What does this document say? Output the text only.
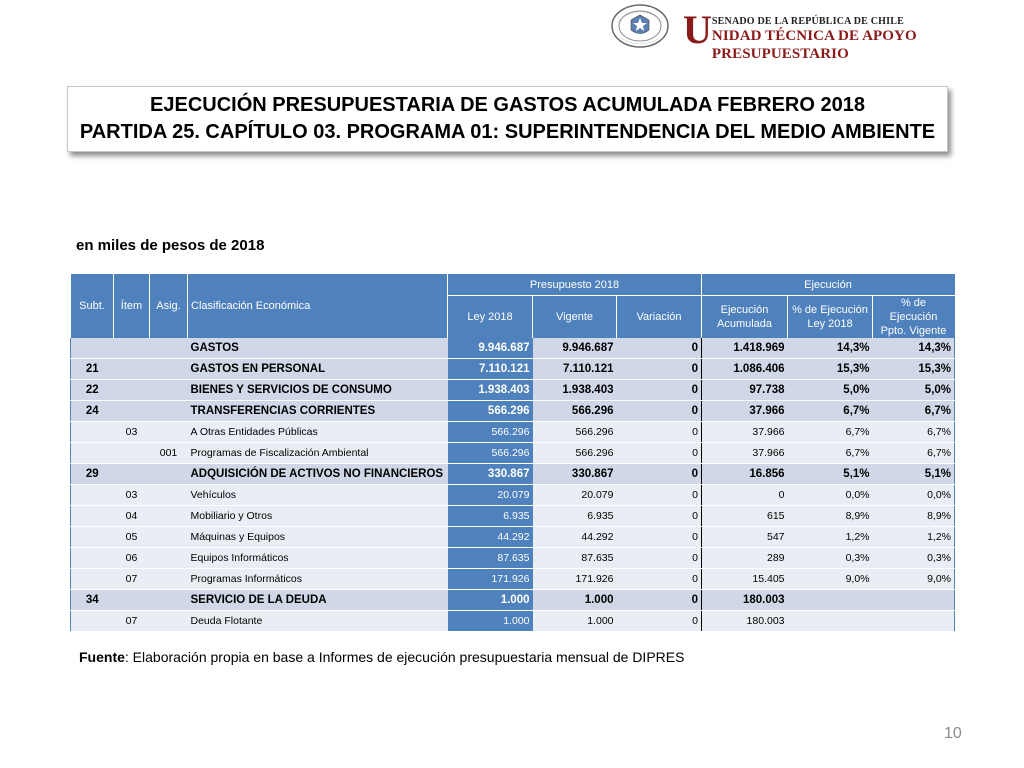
U SENADO DE LA REPÚBLICA DE CHILE
NIDAD TÉCNICA DE APOYO PRESUPUESTARIO
EJECUCIÓN PRESUPUESTARIA DE GASTOS ACUMULADA FEBRERO 2018
PARTIDA 25. CAPÍTULO 03. PROGRAMA 01: SUPERINTENDENCIA DEL MEDIO AMBIENTE
en miles de pesos de 2018
Subt.	Ítem	Asig.	Clasificación Económica	Presupuesto 2018			Ejecución		
				Ley 2018	Vigente	Variación	Ejecución Acumulada	% de Ejecución Ley 2018	% de Ejecución Ppto. Vigente
			GASTOS	9.946.687	9.946.687	0	1.418.969	14,3%	14,3%
21			GASTOS EN PERSONAL	7.110.121	7.110.121	0	1.086.406	15,3%	15,3%
22			BIENES Y SERVICIOS DE CONSUMO	1.938.403	1.938.403	0	97.738	5,0%	5,0%
24			TRANSFERENCIAS CORRIENTES	566.296	566.296	0	37.966	6,7%	6,7%
	03		A Otras Entidades Públicas	566.296	566.296	0	37.966	6,7%	6,7%
		001	Programas de Fiscalización Ambiental	566.296	566.296	0	37.966	6,7%	6,7%
29			ADQUISICIÓN DE ACTIVOS NO FINANCIEROS	330.867	330.867	0	16.856	5,1%	5,1%
	03		Vehículos	20.079	20.079	0	0	0,0%	0,0%
	04		Mobiliario y Otros	6.935	6.935	0	615	8,9%	8,9%
	05		Máquinas y Equipos	44.292	44.292	0	547	1,2%	1,2%
	06		Equipos Informáticos	87.635	87.635	0	289	0,3%	0,3%
	07		Programas Informáticos	171.926	171.926	0	15.405	9,0%	9,0%
34			SERVICIO DE LA DEUDA	1.000	1.000	0	180.003		
	07		Deuda Flotante	1.000	1.000	0	180.003		
Fuente: Elaboración propia en base a Informes de ejecución presupuestaria mensual de DIPRES
10
